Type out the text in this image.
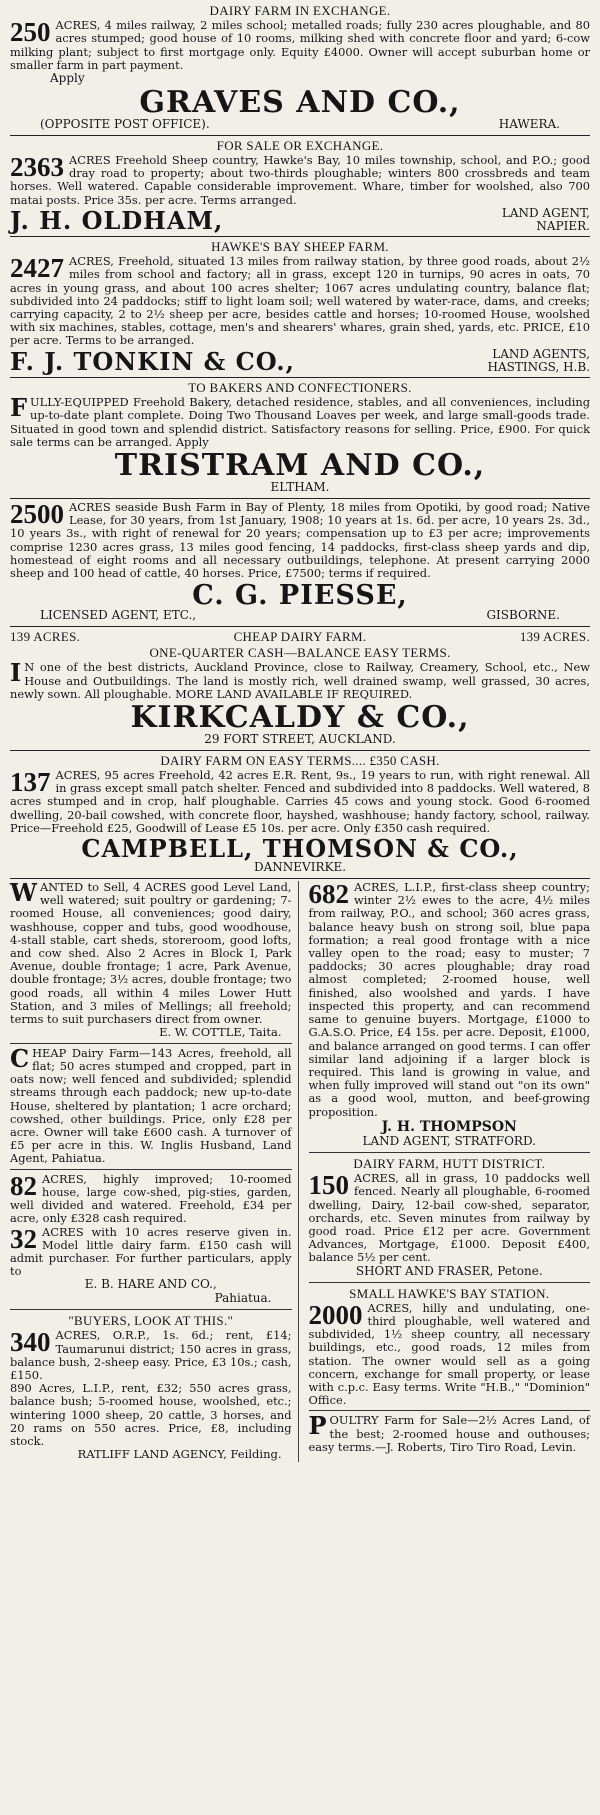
DAIRY FARM IN EXCHANGE.

250 ACRES, 4 miles railway, 2 miles school; metalled roads; fully 230 acres ploughable, and 80 acres stumped; good house of 10 rooms, milking shed with concrete floor and yard; 6-cow milking plant; subject to first mortgage only. Equity £4000. Owner will accept suburban home or smaller farm in part payment.

Apply
GRAVES AND CO.,
(OPPOSITE POST OFFICE).	HAWERA.
FOR SALE OR EXCHANGE.

2363 ACRES Freehold Sheep country, Hawke's Bay, 10 miles township, school, and P.O.; good dray road to property; about two-thirds ploughable; winters 800 crossbreds and team horses. Well watered. Capable considerable improvement. Whare, timber for woolshed, also 700 matai posts. Price 35s. per acre. Terms arranged.

J. H. OLDHAM,	LAND AGENT,
NAPIER.
HAWKE'S BAY SHEEP FARM.

2427 ACRES, Freehold, situated 13 miles from railway station, by three good roads, about 2½ miles from school and factory; all in grass, except 120 in turnips, 90 acres in oats, 70 acres in young grass, and about 100 acres shelter; 1067 acres undulating country, balance flat; subdivided into 24 paddocks; stiff to light loam soil; well watered by water-race, dams, and creeks; carrying capacity, 2 to 2½ sheep per acre, besides cattle and horses; 10-roomed House, woolshed with six machines, stables, cottage, men's and shearers' whares, grain shed, yards, etc. PRICE, £10 per acre. Terms to be arranged.

F. J. TONKIN & CO.,	LAND AGENTS,
HASTINGS, H.B.
TO BAKERS AND CONFECTIONERS.

FULLY-EQUIPPED Freehold Bakery, detached residence, stables, and all conveniences, including up-to-date plant complete. Doing Two Thousand Loaves per week, and large small-goods trade. Situated in good town and splendid district. Satisfactory reasons for selling. Price, £900. For quick sale terms can be arranged. Apply

TRISTRAM AND CO.,
ELTHAM.

2500 ACRES seaside Bush Farm in Bay of Plenty, 18 miles from Opotiki, by good road; Native Lease, for 30 years, from 1st January, 1908; 10 years at 1s. 6d. per acre, 10 years 2s. 3d., 10 years 3s., with right of renewal for 20 years; compensation up to £3 per acre; improvements comprise 1230 acres grass, 13 miles good fencing, 14 paddocks, first-class sheep yards and dip, homestead of eight rooms and all necessary outbuildings, telephone. At present carrying 2000 sheep and 100 head of cattle, 40 horses. Price, £7500; terms if required.

C. G. PIESSE,
LICENSED AGENT, ETC.,	GISBORNE.
139 ACRES.	CHEAP DAIRY FARM.	139 ACRES.
ONE-QUARTER CASH—BALANCE EASY TERMS.

I N one of the best districts, Auckland Province, close to Railway, Creamery, School, etc., New House and Outbuildings. The land is mostly rich, well drained swamp, well grassed, 30 acres, newly sown. All ploughable. MORE LAND AVAILABLE IF REQUIRED.

KIRKCALDY & CO.,
29 FORT STREET, AUCKLAND.
DAIRY FARM ON EASY TERMS.... £350 CASH.

137 ACRES, 95 acres Freehold, 42 acres E.R. Rent, 9s., 19 years to run, with right renewal. All in grass except small patch shelter. Fenced and subdivided into 8 paddocks. Well watered, 8 acres stumped and in crop, half ploughable. Carries 45 cows and young stock. Good 6-roomed dwelling, 20-bail cowshed, with concrete floor, hayshed, washhouse; handy factory, school, railway. Price—Freehold £25, Goodwill of Lease £5 10s. per acre. Only £350 cash required.

CAMPBELL, THOMSON & CO.,
DANNEVIRKE.

WANTED to Sell, 4 ACRES good Level Land, well watered; suit poultry or gardening; 7-roomed House, all conveniences; good dairy, washhouse, copper and tubs, good woodhouse, 4-stall stable, cart sheds, storeroom, good lofts, and cow shed. Also 2 Acres in Block I, Park Avenue, double frontage; 1 acre, Park Avenue, double frontage; 3½ acres, double frontage; two good roads, all within 4 miles Lower Hutt Station, and 3 miles of Mellings; all freehold; terms to suit purchasers direct from owner.

E. W. COTTLE, Taita.

CHEAP Dairy Farm—143 Acres, freehold, all flat; 50 acres stumped and cropped, part in oats now; well fenced and subdivided; splendid streams through each paddock; new up-to-date House, sheltered by plantation; 1 acre orchard; cowshed, other buildings. Price, only £28 per acre. Owner will take £600 cash. A turnover of £5 per acre in this. W. Inglis Husband, Land Agent, Pahiatua.

82 ACRES, highly improved; 10-roomed house, large cow-shed, pig-sties, garden, well divided and watered. Freehold, £34 per acre, only £328 cash required.

32 ACRES with 10 acres reserve given in. Model little dairy farm. £150 cash will admit purchaser. For further particulars, apply to

E. B. HARE AND CO.,
Pahiatua.
"BUYERS, LOOK AT THIS."

340 ACRES, O.R.P., 1s. 6d.; rent, £14; Taumarunui district; 150 acres in grass, balance bush, 2-sheep easy. Price, £3 10s.; cash, £150.

890 Acres, L.I.P., rent, £32; 550 acres grass, balance bush; 5-roomed house, woolshed, etc.; wintering 1000 sheep, 20 cattle, 3 horses, and 20 rams on 550 acres. Price, £8, including stock.

RATLIFF LAND AGENCY, Feilding.

682 ACRES, L.I.P., first-class sheep country; winter 2½ ewes to the acre, 4½ miles from railway, P.O., and school; 360 acres grass, balance heavy bush on strong soil, blue papa formation; a real good frontage with a nice valley open to the road; easy to muster; 7 paddocks; 30 acres ploughable; dray road almost completed; 2-roomed house, well finished, also woolshed and yards. I have inspected this property, and can recommend same to genuine buyers. Mortgage, £1000 to G.A.S.O. Price, £4 15s. per acre. Deposit, £1000, and balance arranged on good terms. I can offer similar land adjoining if a larger block is required. This land is growing in value, and when fully improved will stand out "on its own" as a good wool, mutton, and beef-growing proposition.

J. H. THOMPSON
LAND AGENT, STRATFORD.
DAIRY FARM, HUTT DISTRICT.

150 ACRES, all in grass, 10 paddocks well fenced. Nearly all ploughable, 6-roomed dwelling, Dairy, 12-bail cow-shed, separator, orchards, etc. Seven minutes from railway by good road. Price £12 per acre. Government Advances, Mortgage, £1000. Deposit £400, balance 5½ per cent.

SHORT AND FRASER, Petone.
SMALL HAWKE'S BAY STATION.

2000 ACRES, hilly and undulating, one-third ploughable, well watered and subdivided, 1½ sheep country, all necessary buildings, etc., good roads, 12 miles from station. The owner would sell as a going concern, exchange for small property, or lease with c.p.c. Easy terms. Write "H.B.," "Dominion" Office.

POULTRY Farm for Sale—2½ Acres Land, of the best; 2-roomed house and outhouses; easy terms.—J. Roberts, Tiro Tiro Road, Levin.
